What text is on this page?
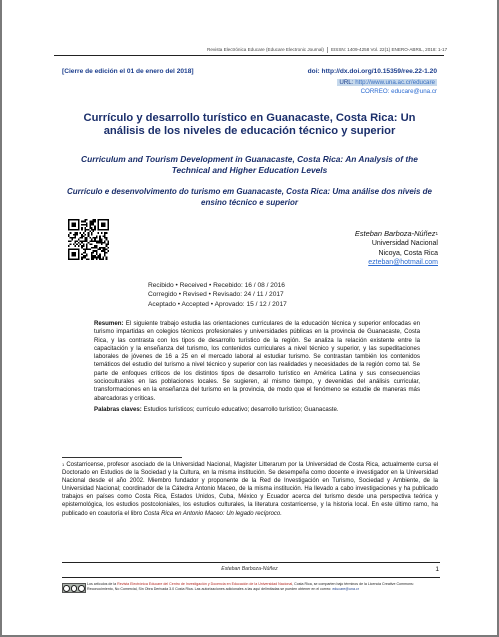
Revista Electrónica Educare (Educare Electronic Journal) EISSN: 1409-4258 Vol. 22(1) ENERO-ABRIL, 2018: 1-17
[Cierre de edición el 01 de enero del 2018]	doi: http://dx.doi.org/10.15359/ree.22-1.20
URL: http://www.una.ac.cr/educare
CORREO: educare@una.cr
Currículo y desarrollo turístico en Guanacaste, Costa Rica: Un análisis de los niveles de educación técnico y superior
Curriculum and Tourism Development in Guanacaste, Costa Rica: An Analysis of the Technical and Higher Education Levels
Currículo e desenvolvimento do turismo em Guanacaste, Costa Rica: Uma análise dos níveis de ensino técnico e superior
Esteban Barboza-Núñez$^1$
Universidad Nacional
Nicoya, Costa Rica
ezteban@hotmail.com
Recibido • Received • Recebido: 16 / 08 / 2016
Corregido • Revised • Revisado: 24 / 11 / 2017
Aceptado • Accepted • Aprovado: 15 / 12 / 2017
Resumen: El siguiente trabajo estudia las orientaciones curriculares de la educación técnica y superior enfocadas en turismo impartidas en colegios técnicos profesionales y universidades públicas en la provincia de Guanacaste, Costa Rica, y las contrasta con los tipos de desarrollo turístico de la región. Se analiza la relación existente entre la capacitación y la enseñanza del turismo, los contenidos curriculares a nivel técnico y superior, y las supeditaciones laborales de jóvenes de 16 a 25 en el mercado laboral al estudiar turismo. Se contrastan también los contenidos temáticos del estudio del turismo a nivel técnico y superior con las realidades y necesidades de la región como tal. Se parte de enfoques críticos de los distintos tipos de desarrollo turístico en América Latina y sus consecuencias socioculturales en las poblaciones locales. Se sugieren, al mismo tiempo, y devenidas del análisis curricular, transformaciones en la enseñanza del turismo en la provincia, de modo que el fenómeno se estudie de maneras más abarcadoras y críticas.
Palabras claves: Estudios turísticos; currículo educativo; desarrollo turístico; Guanacaste.
$^1$ Costarricense, profesor asociado de la Universidad Nacional, Magister Litterarum por la Universidad de Costa Rica, actualmente cursa el Doctorado en Estudios de la Sociedad y la Cultura, en la misma institución. Se desempeña como docente e investigador en la Universidad Nacional desde el año 2002. Miembro fundador y proponente de la Red de Investigación en Turismo, Sociedad y Ambiente, de la Universidad Nacional; coordinador de la Cátedra Antonio Maceo, de la misma institución. Ha llevado a cabo investigaciones y ha publicado trabajos en países como Costa Rica, Estados Unidos, Cuba, México y Ecuador acerca del turismo desde una perspectiva teórica y epistemológica, los estudios postcoloniales, los estudios culturales, la literatura costarricense, y la historia local. En este último ramo, ha publicado en coautoría el libro Costa Rica en Antonio Maceo: Un legado recíproco.
Esteban Barboza-Núñez	1
Los artículos de la Revista Electrónica Educare del Centro de Investigación y Docencia en Educación de la Universidad Nacional, Costa Rica, se comparten bajo términos de la Licencia Creative Commons: Reconocimiento, No Comercial, Sin Obra Derivada 3.0 Costa Rica. Las autorizaciones adicionales a las aquí delimitadas se pueden obtener en el correo: educare@una.cr
